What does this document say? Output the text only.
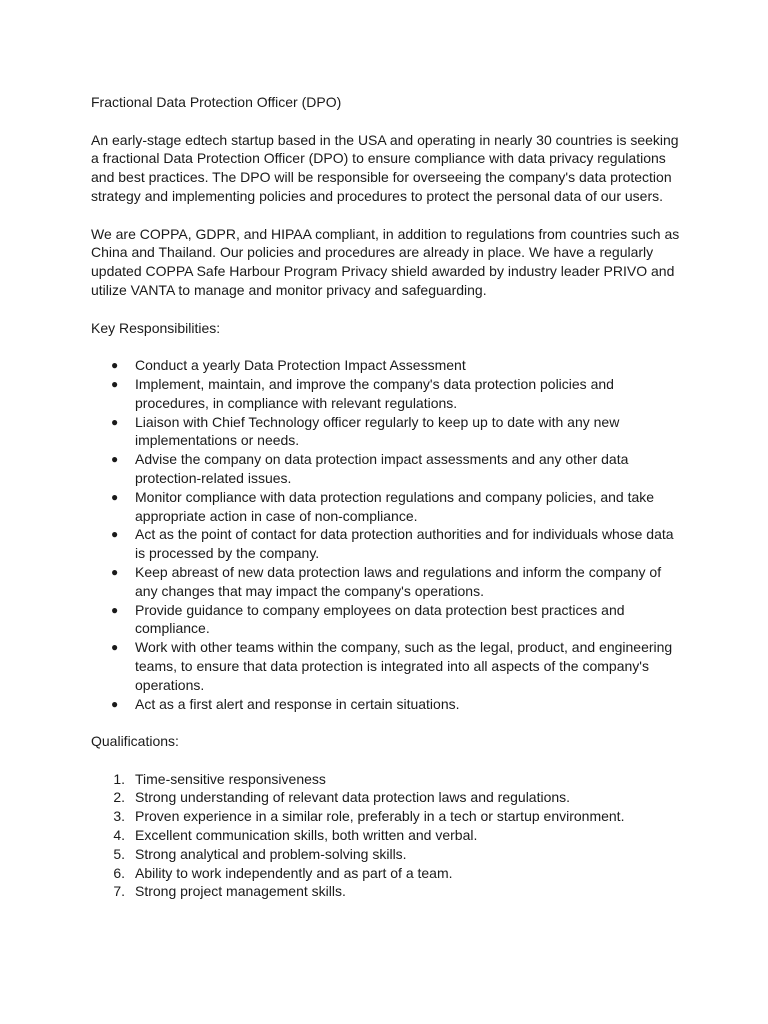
Fractional Data Protection Officer (DPO)

An early-stage edtech startup based in the USA and operating in nearly 30 countries is seeking a fractional Data Protection Officer (DPO) to ensure compliance with data privacy regulations and best practices. The DPO will be responsible for overseeing the company's data protection strategy and implementing policies and procedures to protect the personal data of our users.

We are COPPA, GDPR, and HIPAA compliant, in addition to regulations from countries such as China and Thailand. Our policies and procedures are already in place. We have a regularly updated COPPA Safe Harbour Program Privacy shield awarded by industry leader PRIVO and utilize VANTA to manage and monitor privacy and safeguarding.

Key Responsibilities:

●	Conduct a yearly Data Protection Impact Assessment
●	Implement, maintain, and improve the company's data protection policies and procedures, in compliance with relevant regulations.
●	Liaison with Chief Technology officer regularly to keep up to date with any new implementations or needs.
●	Advise the company on data protection impact assessments and any other data protection-related issues.
●	Monitor compliance with data protection regulations and company policies, and take appropriate action in case of non-compliance.
●	Act as the point of contact for data protection authorities and for individuals whose data is processed by the company.
●	Keep abreast of new data protection laws and regulations and inform the company of any changes that may impact the company's operations.
●	Provide guidance to company employees on data protection best practices and compliance.
●	Work with other teams within the company, such as the legal, product, and engineering teams, to ensure that data protection is integrated into all aspects of the company's operations.
●	Act as a first alert and response in certain situations.

Qualifications:

1. Time-sensitive responsiveness
2. Strong understanding of relevant data protection laws and regulations.
3. Proven experience in a similar role, preferably in a tech or startup environment.
4. Excellent communication skills, both written and verbal.
5. Strong analytical and problem-solving skills.
6. Ability to work independently and as part of a team.
7. Strong project management skills.
